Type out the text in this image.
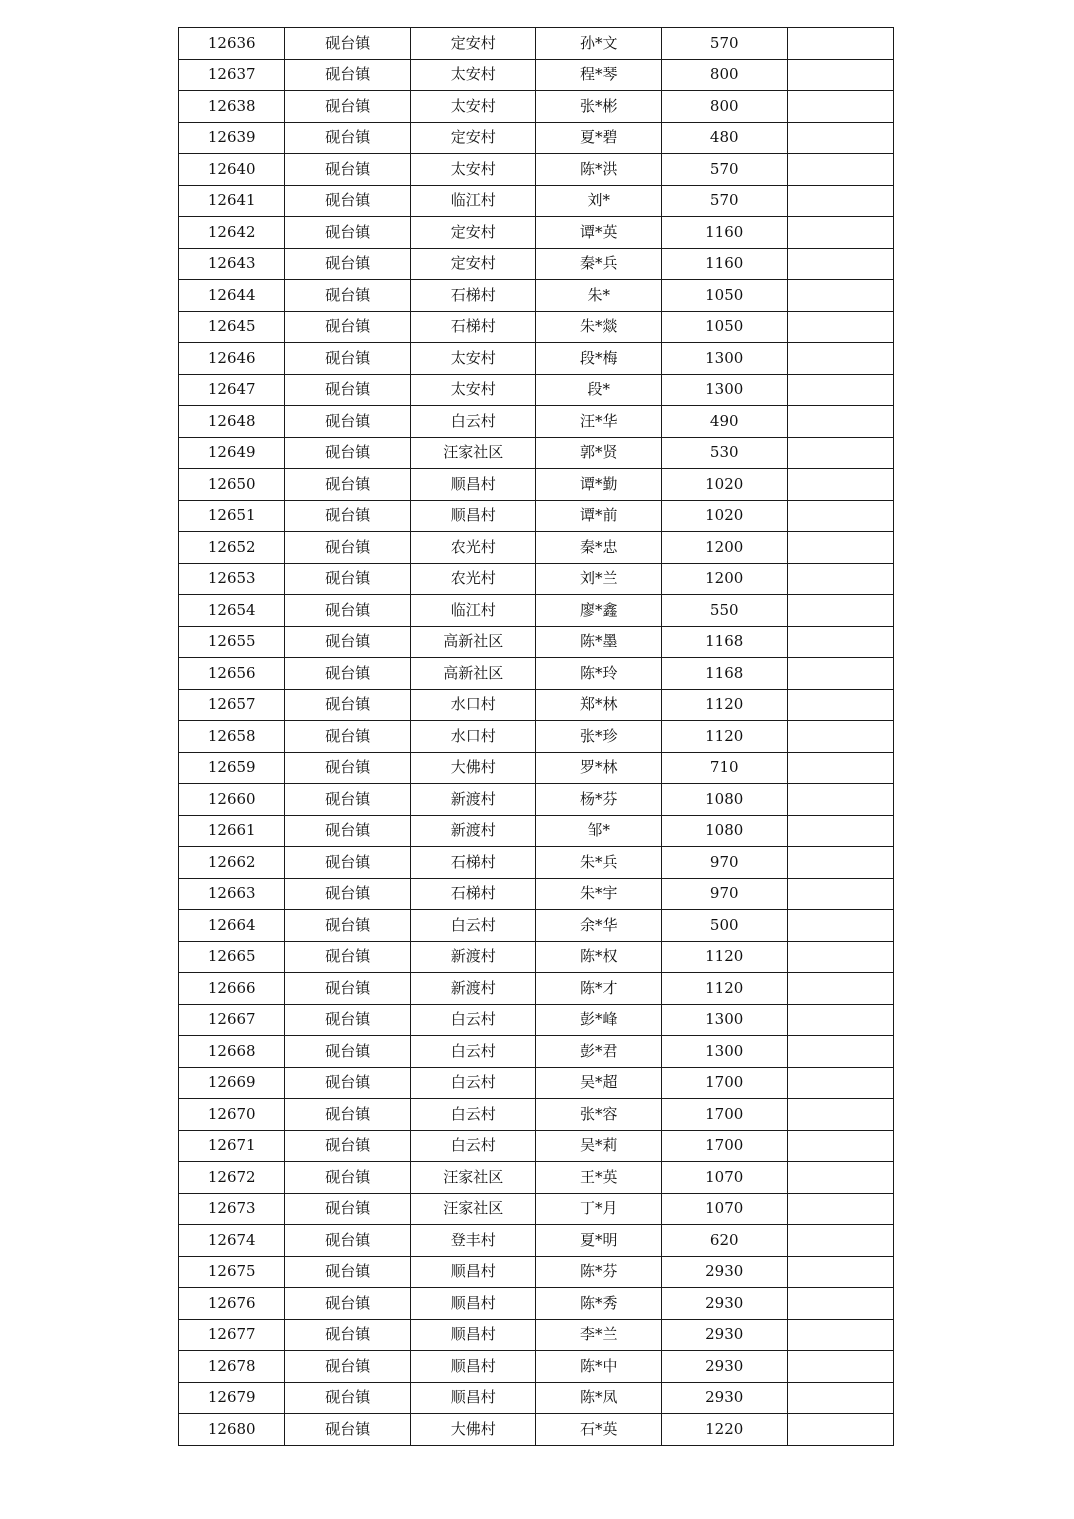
12636	砚台镇	定安村	孙*文	570	
12637	砚台镇	太安村	程*琴	800	
12638	砚台镇	太安村	张*彬	800	
12639	砚台镇	定安村	夏*碧	480	
12640	砚台镇	太安村	陈*洪	570	
12641	砚台镇	临江村	刘*	570	
12642	砚台镇	定安村	谭*英	1160	
12643	砚台镇	定安村	秦*兵	1160	
12644	砚台镇	石梯村	朱*	1050	
12645	砚台镇	石梯村	朱*燚	1050	
12646	砚台镇	太安村	段*梅	1300	
12647	砚台镇	太安村	段*	1300	
12648	砚台镇	白云村	汪*华	490	
12649	砚台镇	汪家社区	郭*贤	530	
12650	砚台镇	顺昌村	谭*勤	1020	
12651	砚台镇	顺昌村	谭*前	1020	
12652	砚台镇	农光村	秦*忠	1200	
12653	砚台镇	农光村	刘*兰	1200	
12654	砚台镇	临江村	廖*鑫	550	
12655	砚台镇	高新社区	陈*墨	1168	
12656	砚台镇	高新社区	陈*玲	1168	
12657	砚台镇	水口村	郑*林	1120	
12658	砚台镇	水口村	张*珍	1120	
12659	砚台镇	大佛村	罗*林	710	
12660	砚台镇	新渡村	杨*芬	1080	
12661	砚台镇	新渡村	邹*	1080	
12662	砚台镇	石梯村	朱*兵	970	
12663	砚台镇	石梯村	朱*宇	970	
12664	砚台镇	白云村	余*华	500	
12665	砚台镇	新渡村	陈*权	1120	
12666	砚台镇	新渡村	陈*才	1120	
12667	砚台镇	白云村	彭*峰	1300	
12668	砚台镇	白云村	彭*君	1300	
12669	砚台镇	白云村	吴*超	1700	
12670	砚台镇	白云村	张*容	1700	
12671	砚台镇	白云村	吴*莉	1700	
12672	砚台镇	汪家社区	王*英	1070	
12673	砚台镇	汪家社区	丁*月	1070	
12674	砚台镇	登丰村	夏*明	620	
12675	砚台镇	顺昌村	陈*芬	2930	
12676	砚台镇	顺昌村	陈*秀	2930	
12677	砚台镇	顺昌村	李*兰	2930	
12678	砚台镇	顺昌村	陈*中	2930	
12679	砚台镇	顺昌村	陈*凤	2930	
12680	砚台镇	大佛村	石*英	1220	
